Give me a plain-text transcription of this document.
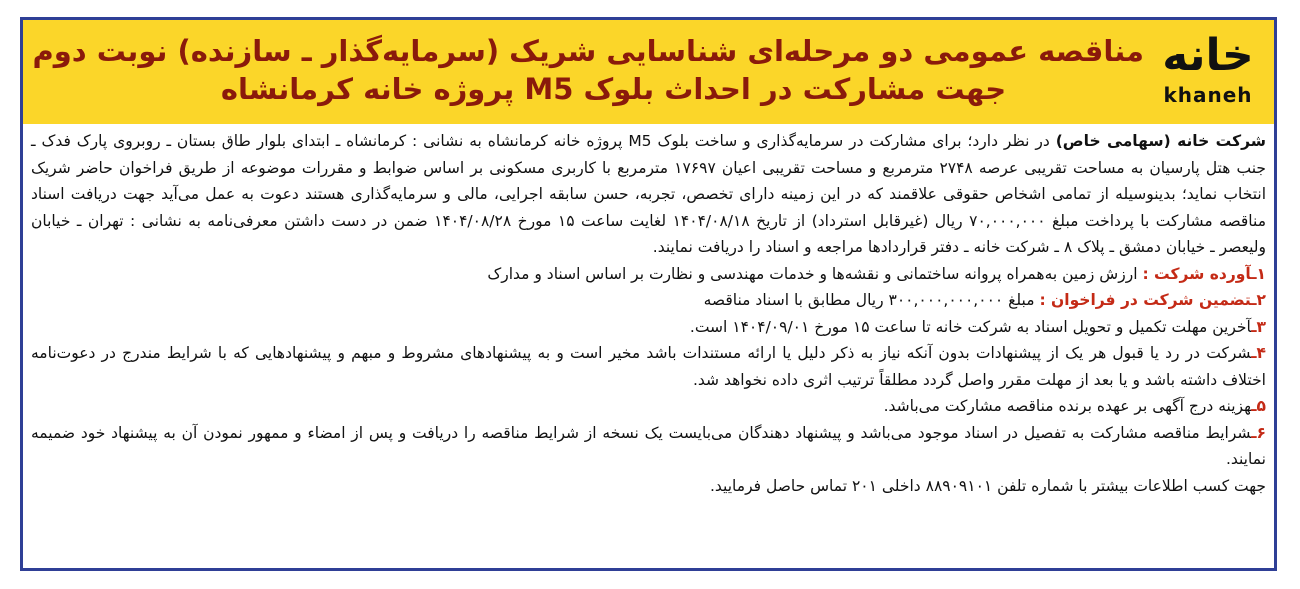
مناقصه عمومی دو مرحله‌ای شناسایی شریک (سرمایه‌گذار ـ سازنده) نوبت دوم
جهت مشارکت در احداث بلوک M5 پروژه خانه کرمانشاه
خانه
khaneh

شرکت خانه (سهامی خاص) در نظر دارد؛ برای مشارکت در سرمایه‌گذاری و ساخت بلوک M5 پروژه خانه کرمانشاه به نشانی : کرمانشاه ـ ابتدای بلوار طاق بستان ـ روبروی پارک فدک ـ جنب هتل پارسیان به مساحت تقریبی عرصه ۲۷۴۸ مترمربع و مساحت تقریبی اعیان ۱۷۶۹۷ مترمربع با کاربری مسکونی بر اساس ضوابط و مقررات موضوعه از طریق فراخوان حاضر شریک انتخاب نماید؛ بدینوسیله از تمامی اشخاص حقوقی علاقمند که در این زمینه دارای تخصص، تجربه، حسن سابقه اجرایی، مالی و سرمایه‌گذاری هستند دعوت به عمل می‌آید جهت دریافت اسناد مناقصه مشارکت با پرداخت مبلغ ۷۰,۰۰۰,۰۰۰ ریال (غیرقابل استرداد) از تاریخ ۱۴۰۴/۰۸/۱۸ لغایت ساعت ۱۵ مورخ ۱۴۰۴/۰۸/۲۸ ضمن در دست داشتن معرفی‌نامه به نشانی : تهران ـ خیابان ولیعصر ـ خیابان دمشق ـ پلاک ۸ ـ شرکت خانه ـ دفتر قراردادها مراجعه و اسناد را دریافت نمایند.

۱ـآورده شرکت : ارزش زمین به‌همراه پروانه ساختمانی و نقشه‌ها و خدمات مهندسی و نظارت بر اساس اسناد و مدارک

۲ـتضمین شرکت در فراخوان : مبلغ ۳۰۰,۰۰۰,۰۰۰,۰۰۰ ریال مطابق با اسناد مناقصه

۳ـآخرین مهلت تکمیل و تحویل اسناد به شرکت خانه تا ساعت ۱۵ مورخ ۱۴۰۴/۰۹/۰۱ است.

۴ـشرکت در رد یا قبول هر یک از پیشنهادات بدون آنکه نیاز به ذکر دلیل یا ارائه مستندات باشد مخیر است و به پیشنهادهای مشروط و مبهم و پیشنهادهایی که با شرایط مندرج در دعوت‌نامه اختلاف داشته باشد و یا بعد از مهلت مقرر واصل گردد مطلقاً ترتیب اثری داده نخواهد شد.

۵ـهزینه درج آگهی بر عهده برنده مناقصه مشارکت می‌باشد.

۶ـشرایط مناقصه مشارکت به تفصیل در اسناد موجود می‌باشد و پیشنهاد دهندگان می‌بایست یک نسخه از شرایط مناقصه را دریافت و پس از امضاء و ممهور نمودن آن به پیشنهاد خود ضمیمه نمایند.

جهت کسب اطلاعات بیشتر با شماره تلفن ۸۸۹۰۹۱۰۱ داخلی ۲۰۱ تماس حاصل فرمایید.
